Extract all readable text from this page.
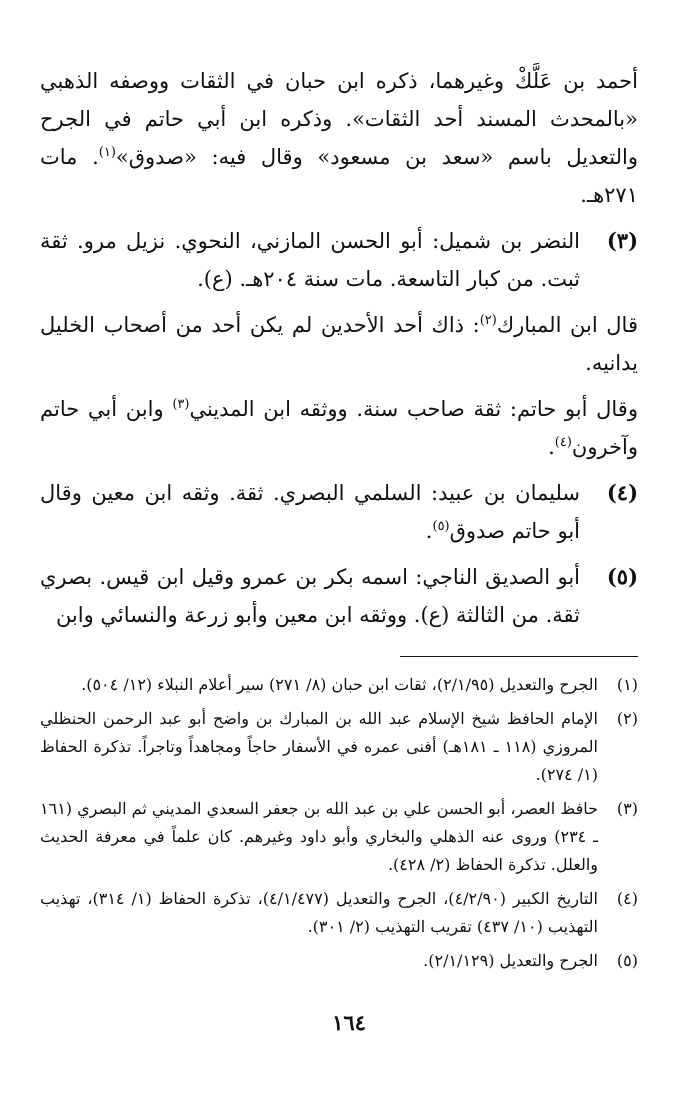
أحمد بن عَلَّكْ وغيرهما، ذكره ابن حبان في الثقات ووصفه الذهبي «بالمحدث المسند أحد الثقات». وذكره ابن أبي حاتم في الجرح والتعديل باسم «سعد بن مسعود» وقال فيه: «صدوق»$^{(١)}$. مات ٢٧١هـ.

(٣)
النضر بن شميل: أبو الحسن المازني، النحوي. نزيل مرو. ثقة ثبت. من كبار التاسعة. مات سنة ٢٠٤هـ. (ع).

قال ابن المبارك$^{(٢)}$: ذاك أحد الأحدين لم يكن أحد من أصحاب الخليل يدانيه.

وقال أبو حاتم: ثقة صاحب سنة. ووثقه ابن المديني$^{(٣)}$ وابن أبي حاتم وآخرون$^{(٤)}$.

(٤)
سليمان بن عبيد: السلمي البصري. ثقة. وثقه ابن معين وقال أبو حاتم صدوق$^{(٥)}$.
(٥)
أبو الصديق الناجي: اسمه بكر بن عمرو وقيل ابن قيس. بصري ثقة. من الثالثة (ع). ووثقه ابن معين وأبو زرعة والنسائي وابن
(١)
الجرح والتعديل (٢/١/٩٥)، ثقات ابن حبان (٨/ ٢٧١) سير أعلام النبلاء (١٢/ ٥٠٤).
(٢)
الإمام الحافظ شيخ الإسلام عبد الله بن المبارك بن واضح أبو عبد الرحمن الحنظلي المروزي (١١٨ ـ ١٨١هـ) أفنى عمره في الأسفار حاجاً ومجاهداً وتاجراً. تذكرة الحفاظ (١/ ٢٧٤).
(٣)
حافظ العصر، أبو الحسن علي بن عبد الله بن جعفر السعدي المديني ثم البصري (١٦١ ـ ٢٣٤) وروى عنه الذهلي والبخاري وأبو داود وغيرهم. كان علماً في معرفة الحديث والعلل. تذكرة الحفاظ (٢/ ٤٢٨).
(٤)
التاريخ الكبير (٤/٢/٩٠)، الجرح والتعديل (٤/١/٤٧٧)، تذكرة الحفاظ (١/ ٣١٤)، تهذيب التهذيب (١٠/ ٤٣٧) تقريب التهذيب (٢/ ٣٠١).
(٥)
الجرح والتعديل (٢/١/١٢٩).
١٦٤
